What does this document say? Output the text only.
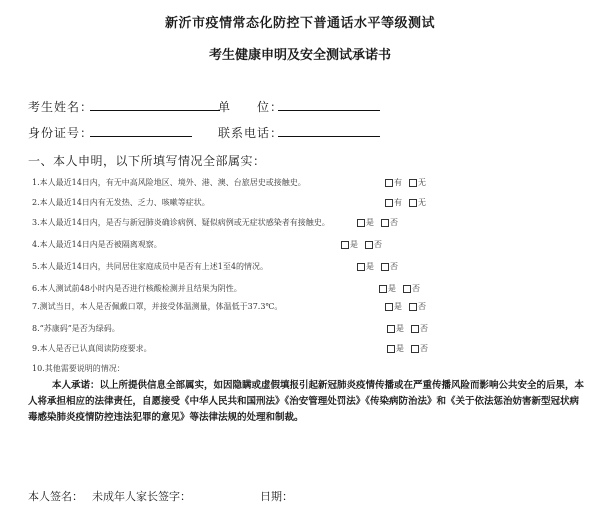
新沂市疫情常态化防控下普通话水平等级测试
考生健康申明及安全测试承诺书
考生姓名：	单　　位：
身份证号：	联系电话：
一、本人申明，以下所填写情况全部属实：
1.本人最近14日内，有无中高风险地区、境外、港、澳、台旅居史或接触史。	有 无
2.本人最近14日内有无发热、乏力、咳嗽等症状。	有 无
3.本人最近14日内，是否与新冠肺炎确诊病例、疑似病例或无症状感染者有接触史。	是 否
4.本人最近14日内是否被隔离观察。	是 否
5.本人最近14日内，共同居住家庭成员中是否有上述1至4的情况。	是 否
6.本人测试前48小时内是否进行核酸检测并且结果为阴性。	是 否
7.测试当日，本人是否佩戴口罩，并接受体温测量，体温低于37.3℃。	是 否
8.“苏康码”是否为绿码。	是 否
9.本人是否已认真阅读防疫要求。	是 否
10.其他需要说明的情况：
本人承诺：以上所提供信息全部属实，如因隐瞒或虚假填报引起新冠肺炎疫情传播或在严重传播风险而影响公共安全的后果，本人将承担相应的法律责任，自愿接受《中华人民共和国刑法》《治安管理处罚法》《传染病防治法》和《关于依法惩治妨害新型冠状病毒感染肺炎疫情防控违法犯罪的意见》等法律法规的处理和制裁。
本人签名： 未成年人家长签字：	日期：
